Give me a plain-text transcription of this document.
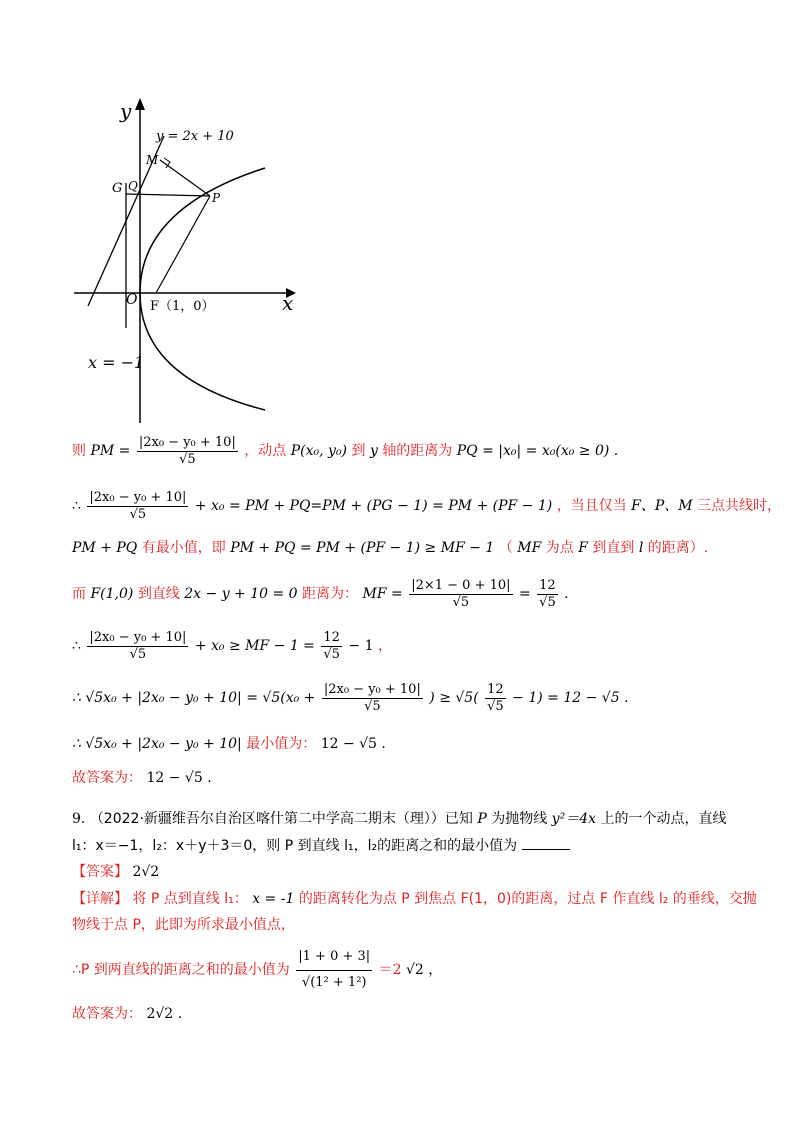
y
x
y = 2x + 10
M
G Q
P
O F（1，0）
x = −1
则 PM = $\frac{\text{|2x₀ − y₀ + 10|}}{√5}$ ，动点 P(x₀, y₀) 到 y 轴的距离为 PQ = |x₀| = x₀(x₀ ≥ 0) .
∴ $\frac{\text{|2x₀ − y₀ + 10|}}{√5} + x_0$ = PM + PQ=PM + (PG − 1) = PM + (PF − 1) ，当且仅当 F、P、M 三点共线时，
PM + PQ 有最小值，即 PM + PQ = PM + (PF − 1) ≥ MF − 1 （ MF 为点 F 到直到 l 的距离）.
而 F(1,0) 到直线 2x − y + 10 = 0 距离为： MF = $\frac{|2\times 1 - 0 + 10|}{√5} = \frac{12}{√5}$ .
∴ $\frac{\text{|2x₀ − y₀ + 10|}}{√5} + x_0$ ≥ MF − $1 = \frac{12}{√5} - 1$ ，
∴ $√5x_0 + |2x_0 - y_0 + 10| = √5(x_0 + \frac{\text{|2x₀ − y₀ + 10|}}{√5}$ ) ≥ $√5( \frac{12}{√5} - 1) = 12 - √5$ .
∴ √5x₀ + |2x₀ − y₀ + 10| 最小值为： 12 − √5 .
故答案为： 12 − √5 .
9. （2022·新疆维吾尔自治区喀什第二中学高二期末（理））已知 P 为抛物线 y²＝4x 上的一个动点，直线
l₁：x＝−1，l₂：x＋y＋3＝0，则 P 到直线 l₁，l₂的距离之和的最小值为
【答案】 2√2
【详解】 将 P 点到直线 l₁： x = -1 的距离转化为点 P 到焦点 F(1，0)的距离，过点 F 作直线 l₂ 的垂线，交抛
物线于点 P，此即为所求最小值点，
∴P 到两直线的距离之和的最小值为 $\frac{|1 + 0 + 3|}{\text{√(1² + 1²)}} =2$ √2 ，
故答案为： 2√2 .
